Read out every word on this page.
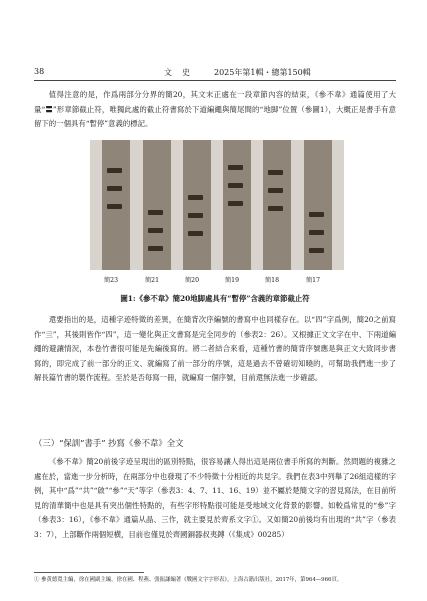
38	文　史	2025年第1輯・總第150輯
值得注意的是，作爲兩部分分界的簡20，其文末正處在一段章節內容的結束，《參不韋》通篇使用了大量“〓”形章節截止符，唯獨此處的截止符書寫於下道編繩與簡尾間的“地脚”位置（參圖1），大概正是書手有意留下的一個具有“暫停”意義的標記。
簡23	簡21	簡20	簡19	簡18	簡17
圖1:《參不韋》簡20地脚處具有“暫停”含義的章節截止符
還要指出的是，這種字迹特徵的差異，在簡背次序編號的書寫中也同樣存在。以“四”字爲例，簡20之前寫作“亖”，其後則皆作“四”，這一變化與正文書寫是完全同步的（參表2：26）。又根據正文文字在中、下兩道編繩的避讓情況，本卷竹書很可能是先編後寫的。將二者結合來看，這種竹書的簡背序號應是與正文大致同步書寫的，即完成了前一部分的正文、就編寫了前一部分的序號，這是過去不曾確切知曉的，可幫助我們進一步了解長篇竹書的製作流程。至於是否每寫一冊，就編寫一個序號，目前還無法進一步確認。
（三）“保訓”書手” 抄寫《參不韋》全文
《參不韋》簡20前後字迹呈現出的區別特點，很容易讓人得出這是兩位書手所寫的判斷。然問題的複雜之處在於，當進一步分析時，在兩部分中也發現了不少特徵十分相近的共見字。我們在表3中列舉了26組這樣的字例，其中“爲”“共”“啟”“參”“天”等字（參表3：4、7、11、16、19）並不屬於楚簡文字的習見寫法，在目前所見的清華簡中也是具有突出個性特點的，有些字形特點很可能是受地域文化背景的影響。如較爲常見的“參”字（參表3：16），《參不韋》通篇从晶、三作，就主要見於齊系文字①。又如簡20前後均有出現的“共”字（參表3：7），上部斷作兩個短横，目前也僅見於齊國銅器叔夷鎛（《集成》00285）
① 參黄德寬主編，徐在國副主編，徐在國、程燕、張振謙編著《戰國文字字形表》，上海古籍出版社，2017年，第964—966頁。
